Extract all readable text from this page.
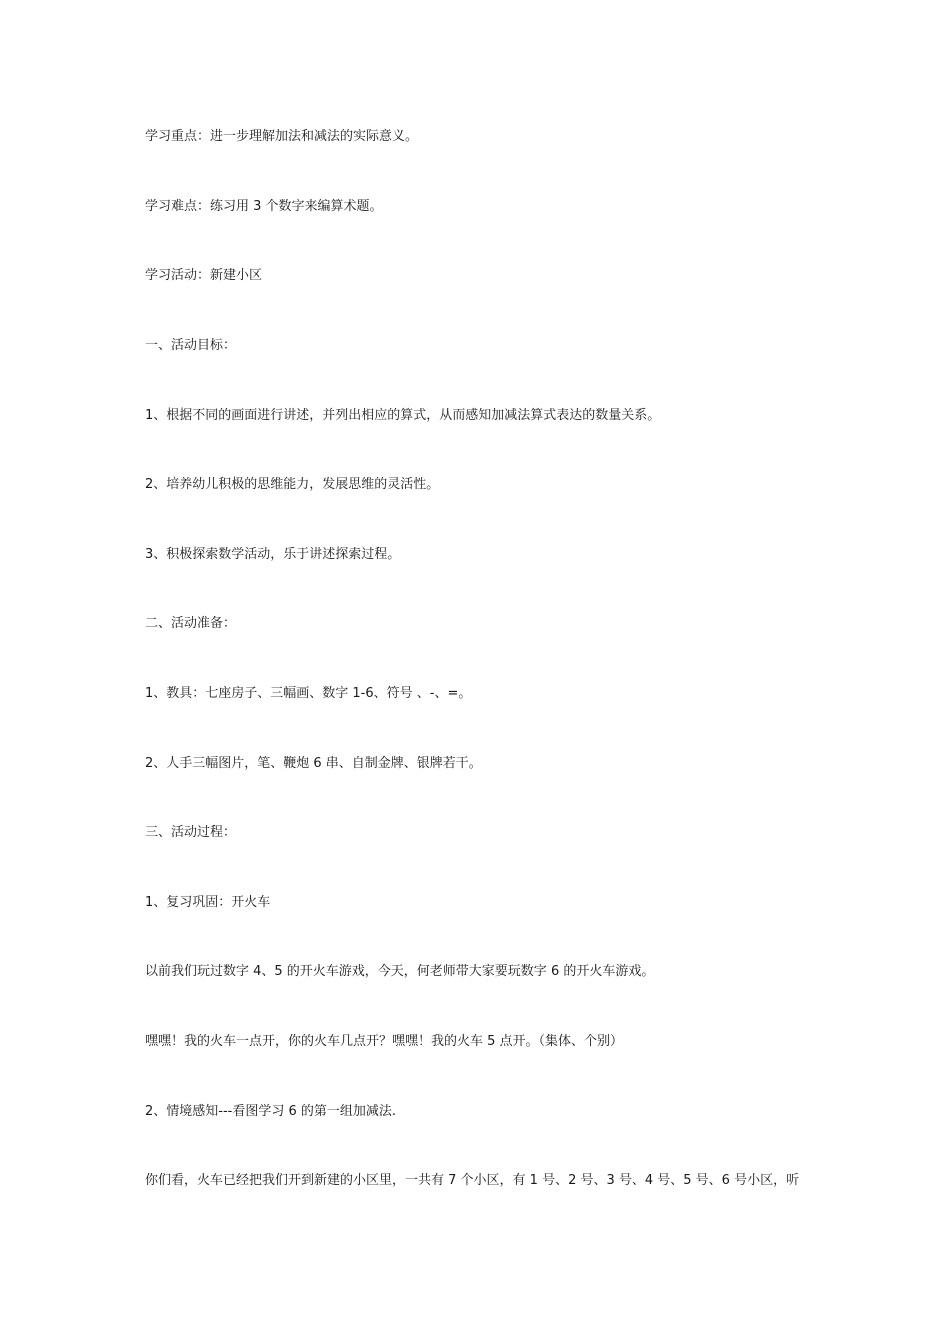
学习重点：进一步理解加法和减法的实际意义。
学习难点：练习用 3 个数字来编算术题。
学习活动：新建小区
一、活动目标：
1、根据不同的画面进行讲述，并列出相应的算式，从而感知加减法算式表达的数量关系。
2、培养幼儿积极的思维能力，发展思维的灵活性。
3、积极探索数学活动，乐于讲述探索过程。
二、活动准备：
1、教具：七座房子、三幅画、数字 1-6、符号 、-、=。
2、人手三幅图片，笔、鞭炮 6 串、自制金牌、银牌若干。
三、活动过程：
1、复习巩固：开火车
以前我们玩过数字 4、5 的开火车游戏，今天，何老师带大家要玩数字 6 的开火车游戏。
嘿嘿！我的火车一点开，你的火车几点开？嘿嘿！我的火车 5 点开。（集体、个别）
2、情境感知---看图学习 6 的第一组加减法.
你们看，火车已经把我们开到新建的小区里，一共有 7 个小区，有 1 号、2 号、3 号、4 号、5 号、6 号小区，听
